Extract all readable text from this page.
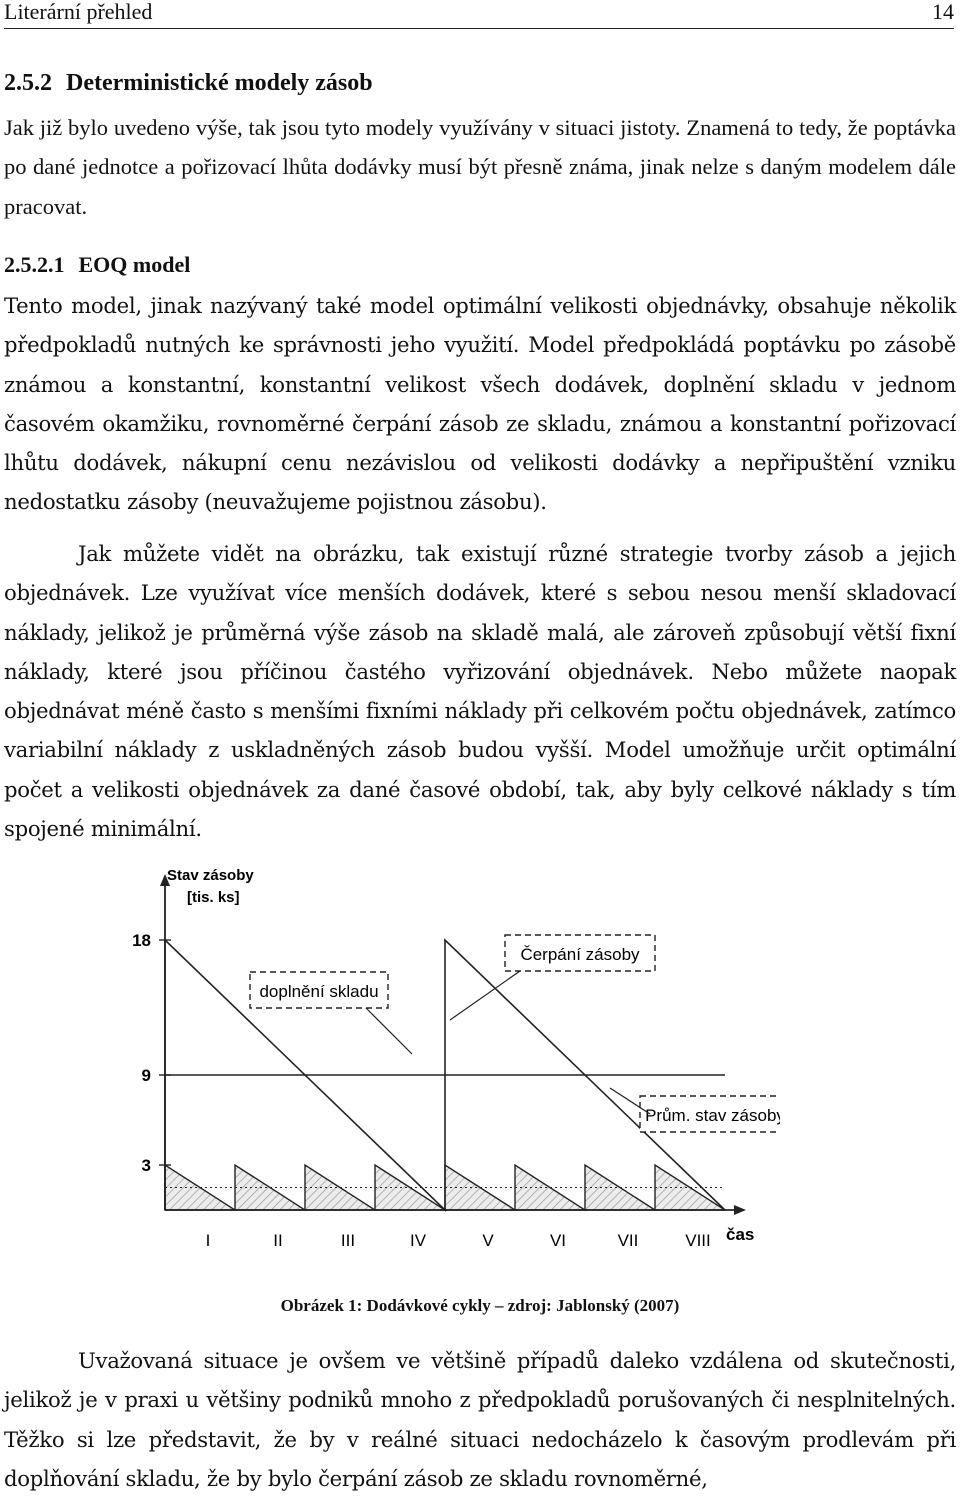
Literární přehled	14
2.5.2 Deterministické modely zásob

Jak již bylo uvedeno výše, tak jsou tyto modely využívány v situaci jistoty. Znamená to tedy, že poptávka po dané jednotce a pořizovací lhůta dodávky musí být přesně známa, jinak nelze s daným modelem dále pracovat.

2.5.2.1 EOQ model

Tento model, jinak nazývaný také model optimální velikosti objednávky, obsahuje několik předpokladů nutných ke správnosti jeho využití. Model předpokládá poptávku po zásobě známou a konstantní, konstantní velikost všech dodávek, doplnění skladu v jednom časovém okamžiku, rovnoměrné čerpání zásob ze skladu, známou a konstantní pořizovací lhůtu dodávek, nákupní cenu nezávislou od velikosti dodávky a nepřipuštění vzniku nedostatku zásoby (neuvažujeme pojistnou zásobu).

Jak můžete vidět na obrázku, tak existují různé strategie tvorby zásob a jejich objednávek. Lze využívat více menších dodávek, které s sebou nesou menší skladovací náklady, jelikož je průměrná výše zásob na skladě malá, ale zároveň způsobují větší fixní náklady, které jsou příčinou častého vyřizování objednávek. Nebo můžete naopak objednávat méně často s menšími fixními náklady při celkovém počtu objednávek, zatímco variabilní náklady z uskladněných zásob budou vyšší. Model umožňuje určit optimální počet a velikosti objednávek za dané časové období, tak, aby byly celkové náklady s tím spojené minimální.

3
9
18
I	II	III	IV	V	VI	VII	VIII
Stav zásoby
[tis. ks]
čas
doplnění skladu
Čerpání zásoby
Prům. stav zásoby
Obrázek 1: Dodávkové cykly – zdroj: Jablonský (2007)

Uvažovaná situace je ovšem ve většině případů daleko vzdálena od skutečnosti, jelikož je v praxi u většiny podniků mnoho z předpokladů porušovaných či nesplnitelných. Těžko si lze představit, že by v reálné situaci nedocházelo k časovým prodlevám při doplňování skladu, že by bylo čerpání zásob ze skladu rovnoměrné,
